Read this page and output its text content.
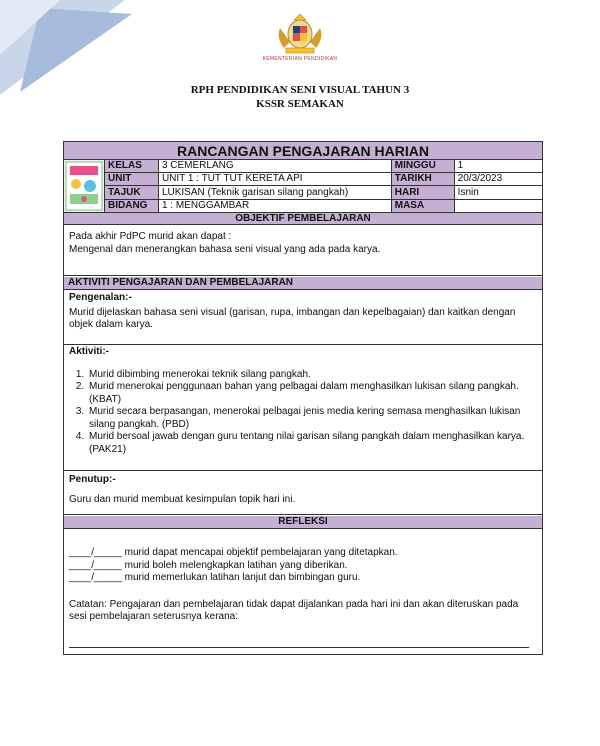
KEMENTERIAN PENDIDIKAN
RPH PENDIDIKAN SENI VISUAL TAHUN 3
KSSR SEMAKAN
RANCANGAN PENGAJARAN HARIAN
	KELAS	3 CEMERLANG	MINGGU	1
	UNIT	UNIT 1 : TUT TUT KERETA API	TARIKH	20/3/2023
	TAJUK	LUKISAN (Teknik garisan silang pangkah)	HARI	Isnin
	BIDANG	1 : MENGGAMBAR	MASA	
OBJEKTIF PEMBELAJARAN
Pada akhir PdPC murid akan dapat :
Mengenal dan menerangkan bahasa seni visual yang ada pada karya.
AKTIVITI PENGAJARAN DAN PEMBELAJARAN
Pengenalan:-
Murid dijelaskan bahasa seni visual (garisan, rupa, imbangan dan kepelbagaian) dan kaitkan dengan objek dalam karya.
Aktiviti:-
1. Murid dibimbing menerokai teknik silang pangkah.
2. Murid menerokai penggunaan bahan yang pelbagai dalam menghasilkan lukisan silang pangkah. (KBAT)
3. Murid secara berpasangan, menerokai pelbagai jenis media kering semasa menghasilkan lukisan silang pangkah. (PBD)
4. Murid bersoal jawab dengan guru tentang nilai garisan silang pangkah dalam menghasilkan karya. (PAK21)
Penutup:-
Guru dan murid membuat kesimpulan topik hari ini.
REFLEKSI
____/_____ murid dapat mencapai objektif pembelajaran yang ditetapkan.
____/_____ murid boleh melengkapkan latihan yang diberikan.
____/_____ murid memerlukan latihan lanjut dan bimbingan guru.
Catatan: Pengajaran dan pembelajaran tidak dapat dijalankan pada hari ini dan akan diteruskan pada sesi pembelajaran seterusnya kerana:
